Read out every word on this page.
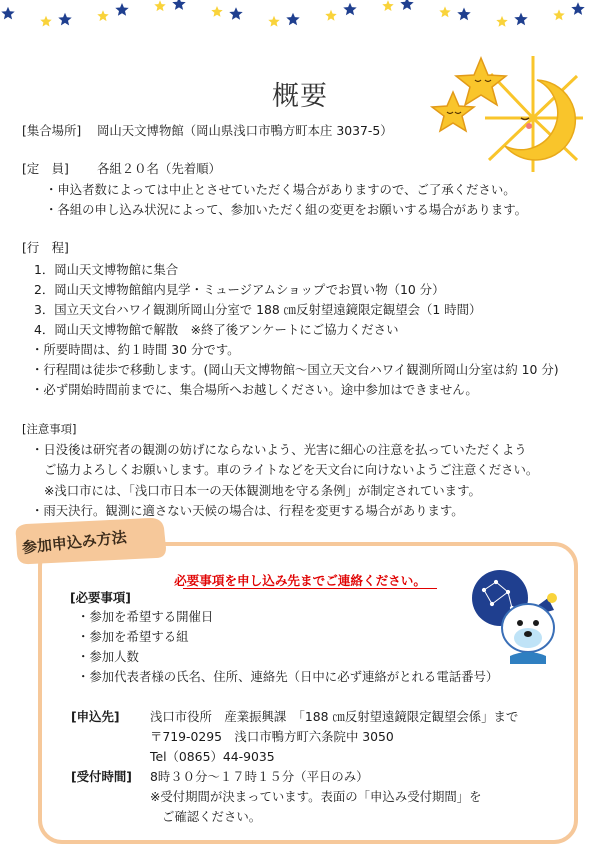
概要
[集合場所] 岡山天文博物館（岡山県浅口市鴨方町本庄 3037-5）
[定　員] 各組２０名（先着順）
・申込者数によっては中止とさせていただく場合がありますので、ご了承ください。
・各組の申し込み状況によって、参加いただく組の変更をお願いする場合があります。
[行　程]
1．岡山天文博物館に集合
2．岡山天文博物館館内見学・ミュージアムショップでお買い物（10 分）
3．国立天文台ハワイ観測所岡山分室で 188 ㎝反射望遠鏡限定観望会（1 時間）
4．岡山天文博物館で解散　※終了後アンケートにご協力ください
・所要時間は、約１時間 30 分です。
・行程間は徒歩で移動します。(岡山天文博物館～国立天文台ハワイ観測所岡山分室は約 10 分)
・必ず開始時間前までに、集合場所へお越しください。途中参加はできません。
[注意事項]
・日没後は研究者の観測の妨げにならないよう、光害に細心の注意を払っていただくよう
ご協力よろしくお願いします。車のライトなどを天文台に向けないようご注意ください。
※浅口市には、「浅口市日本一の天体観測地を守る条例」が制定されています。
・雨天決行。観測に適さない天候の場合は、行程を変更する場合があります。
参加申込み方法
必要事項を申し込み先までご連絡ください。
[必要事項]
・参加を希望する開催日
・参加を希望する組
・参加人数
・参加代表者様の氏名、住所、連絡先（日中に必ず連絡がとれる電話番号）
[申込先] 浅口市役所　産業振興課　「188 ㎝反射望遠鏡限定観望会係」まで
〒719-0295　浅口市鴨方町六条院中 3050
Tel（0865）44-9035
[受付時間] 8時３０分～１７時１５分（平日のみ）
※受付期間が決まっています。表面の「申込み受付期間」を
ご確認ください。
